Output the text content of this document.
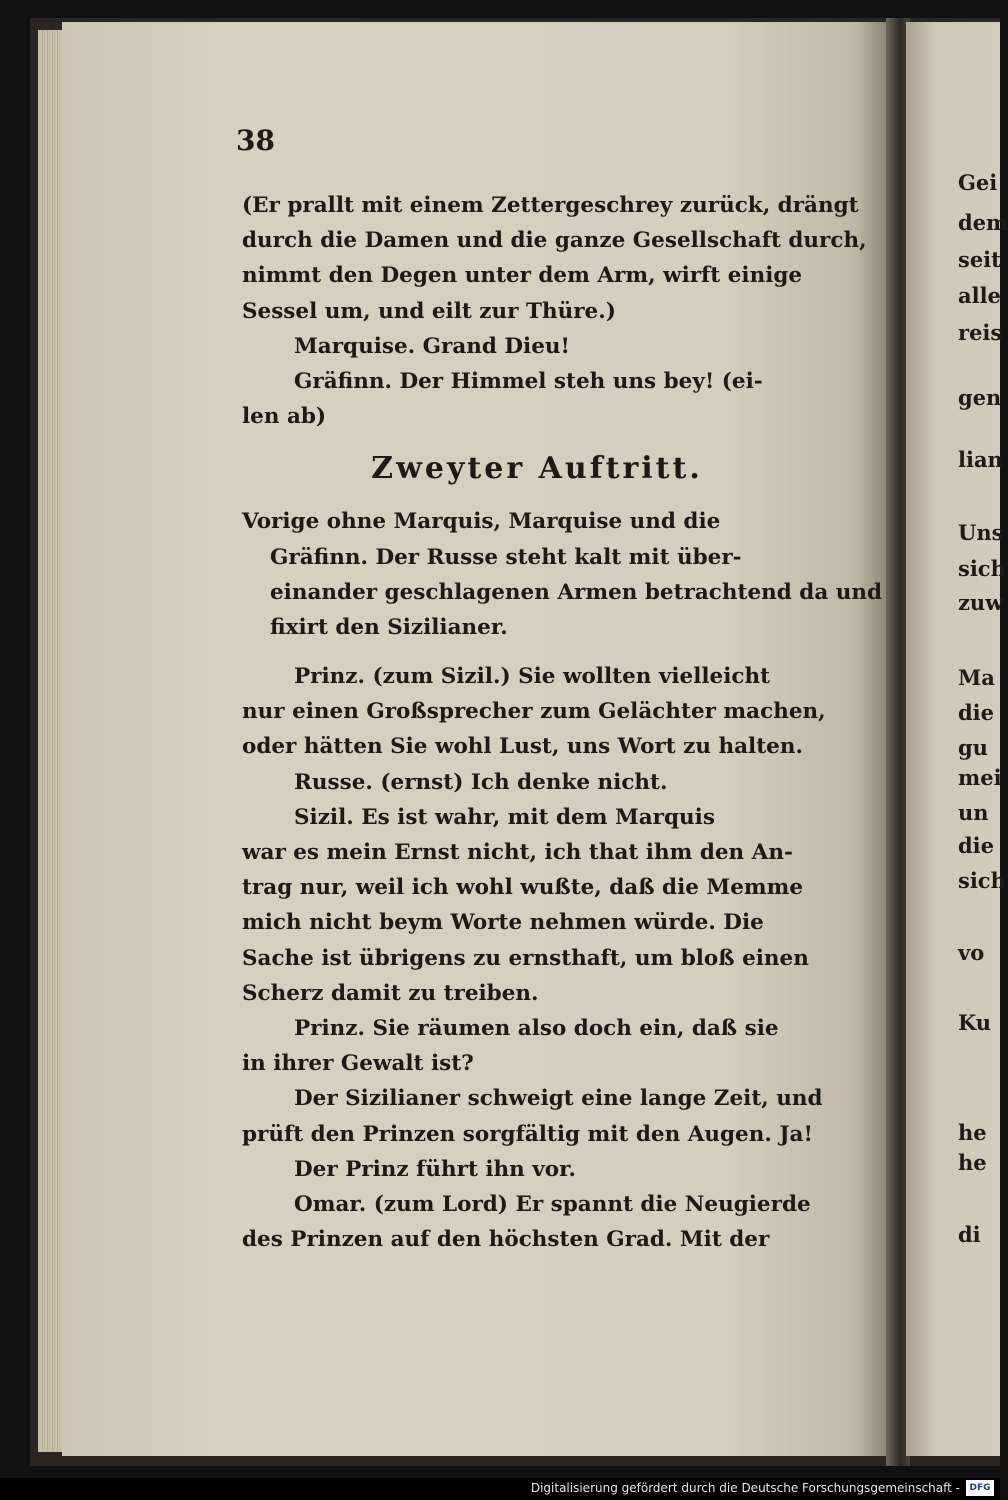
Gei
dem
seit
alle
reis
gen
lian
Uns
sich
zuw
Ma
die
gu
mei
un
die
sich
vo
Ku
he
he
di
38
(Er prallt mit einem Zettergeschrey zurück, drängt
durch die Damen und die ganze Gesellschaft durch,
nimmt den Degen unter dem Arm, wirft einige
Sessel um, und eilt zur Thüre.)
Marquise. Grand Dieu!
Gräfinn. Der Himmel steh uns bey! (ei-
len ab)
Zweyter Auftritt.
Vorige ohne Marquis, Marquise und die
Gräfinn. Der Russe steht kalt mit über-
einander geschlagenen Armen betrachtend da und
fixirt den Sizilianer.
Prinz. (zum Sizil.) Sie wollten vielleicht
nur einen Großsprecher zum Gelächter machen,
oder hätten Sie wohl Lust, uns Wort zu halten.
Russe. (ernst) Ich denke nicht.
Sizil. Es ist wahr, mit dem Marquis
war es mein Ernst nicht, ich that ihm den An-
trag nur, weil ich wohl wußte, daß die Memme
mich nicht beym Worte nehmen würde. Die
Sache ist übrigens zu ernsthaft, um bloß einen
Scherz damit zu treiben.
Prinz. Sie räumen also doch ein, daß sie
in ihrer Gewalt ist?
Der Sizilianer schweigt eine lange Zeit, und
prüft den Prinzen sorgfältig mit den Augen. Ja!
Der Prinz führt ihn vor.
Omar. (zum Lord) Er spannt die Neugierde
des Prinzen auf den höchsten Grad. Mit der
Digitalisierung gefördert durch die Deutsche Forschungsgemeinschaft -	DFG
